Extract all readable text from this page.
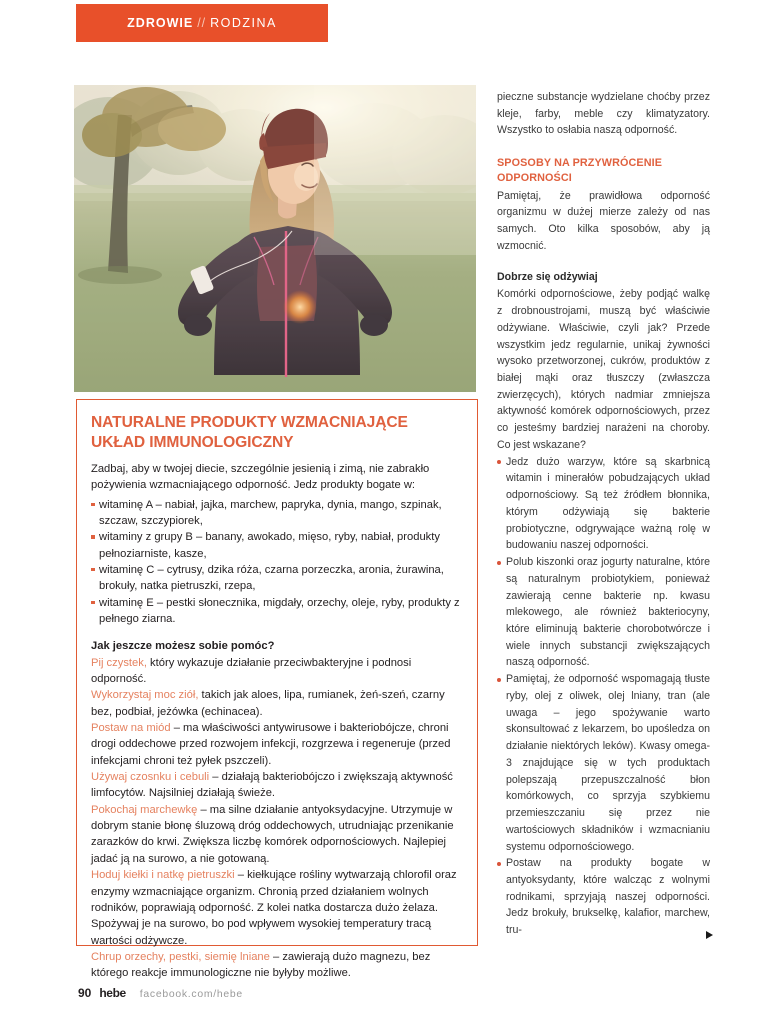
ZDROWIE // RODZINA
NATURALNE PRODUKTY WZMACNIAJĄCE UKŁAD IMMUNOLOGICZNY

Zadbaj, aby w twojej diecie, szczególnie jesienią i zimą, nie zabrakło pożywienia wzmacniającego odporność. Jedz produkty bogate w:

witaminę A – nabiał, jajka, marchew, papryka, dynia, mango, szpinak, szczaw, szczypiorek,
witaminy z grupy B – banany, awokado, mięso, ryby, nabiał, produkty pełnoziarniste, kasze,
witaminę C – cytrusy, dzika róża, czarna porzeczka, aronia, żurawina, brokuły, natka pietruszki, rzepa,
witaminę E – pestki słonecznika, migdały, orzechy, oleje, ryby, produkty z pełnego ziarna.

Jak jeszcze możesz sobie pomóc?

Pij czystek, który wykazuje działanie przeciwbakteryjne i podnosi odporność.

Wykorzystaj moc ziół, takich jak aloes, lipa, rumianek, żeń-szeń, czarny bez, podbiał, jeżówka (echinacea).

Postaw na miód – ma właściwości antywirusowe i bakteriobójcze, chroni drogi oddechowe przed rozwojem infekcji, rozgrzewa i regeneruje (przed infekcjami chroni też pyłek pszczeli).

Używaj czosnku i cebuli – działają bakteriobójczo i zwiększają aktywność limfocytów. Najsilniej działają świeże.

Pokochaj marchewkę – ma silne działanie antyoksydacyjne. Utrzymuje w dobrym stanie błonę śluzową dróg oddechowych, utrudniając przenikanie zarazków do krwi. Zwiększa liczbę komórek odpornościowych. Najlepiej jadać ją na surowo, a nie gotowaną.

Hoduj kiełki i natkę pietruszki – kiełkujące rośliny wytwarzają chlorofil oraz enzymy wzmacniające organizm. Chronią przed działaniem wolnych rodników, poprawiają odporność. Z kolei natka dostarcza dużo żelaza. Spożywaj je na surowo, bo pod wpływem wysokiej temperatury tracą wartości odżywcze.

Chrup orzechy, pestki, siemię lniane – zawierają dużo magnezu, bez którego reakcje immunologiczne nie byłyby możliwe.

pieczne substancje wydzielane choćby przez kleje, farby, meble czy klimatyzatory. Wszystko to osłabia naszą odporność.

SPOSOBY NA PRZYWRÓCENIE ODPORNOŚCI

Pamiętaj, że prawidłowa odporność organizmu w dużej mierze zależy od nas samych. Oto kilka sposobów, aby ją wzmocnić.

Dobrze się odżywiaj

Komórki odpornościowe, żeby podjąć walkę z drobnoustrojami, muszą być właściwie odżywiane. Właściwie, czyli jak? Przede wszystkim jedz regularnie, unikaj żywności wysoko przetworzonej, cukrów, produktów z białej mąki oraz tłuszczy (zwłaszcza zwierzęcych), których nadmiar zmniejsza aktywność komórek odpornościowych, przez co jesteśmy bardziej narażeni na choroby. Co jest wskazane?

Jedz dużo warzyw, które są skarbnicą witamin i minerałów pobudzających układ odpornościowy. Są też źródłem błonnika, którym odżywiają się bakterie probiotyczne, odgrywające ważną rolę w budowaniu naszej odporności.

Polub kiszonki oraz jogurty naturalne, które są naturalnym probiotykiem, ponieważ zawierają cenne bakterie np. kwasu mlekowego, ale również bakteriocyny, które eliminują bakterie chorobotwórcze i wiele innych substancji zwiększających naszą odporność.

Pamiętaj, że odporność wspomagają tłuste ryby, olej z oliwek, olej lniany, tran (ale uwaga – jego spożywanie warto skonsultować z lekarzem, bo upośledza on działanie niektórych leków). Kwasy omega-3 znajdujące się w tych produktach polepszają przepuszczalność błon komórkowych, co sprzyja szybkiemu przemieszczaniu się przez nie wartościowych składników i wzmacnianiu systemu odpornościowego.

Postaw na produkty bogate w antyoksydanty, które walcząc z wolnymi rodnikami, sprzyjają naszej odporności. Jedz brokuły, brukselkę, kalafior, marchew, tru-

90 hebe facebook.com/hebe
